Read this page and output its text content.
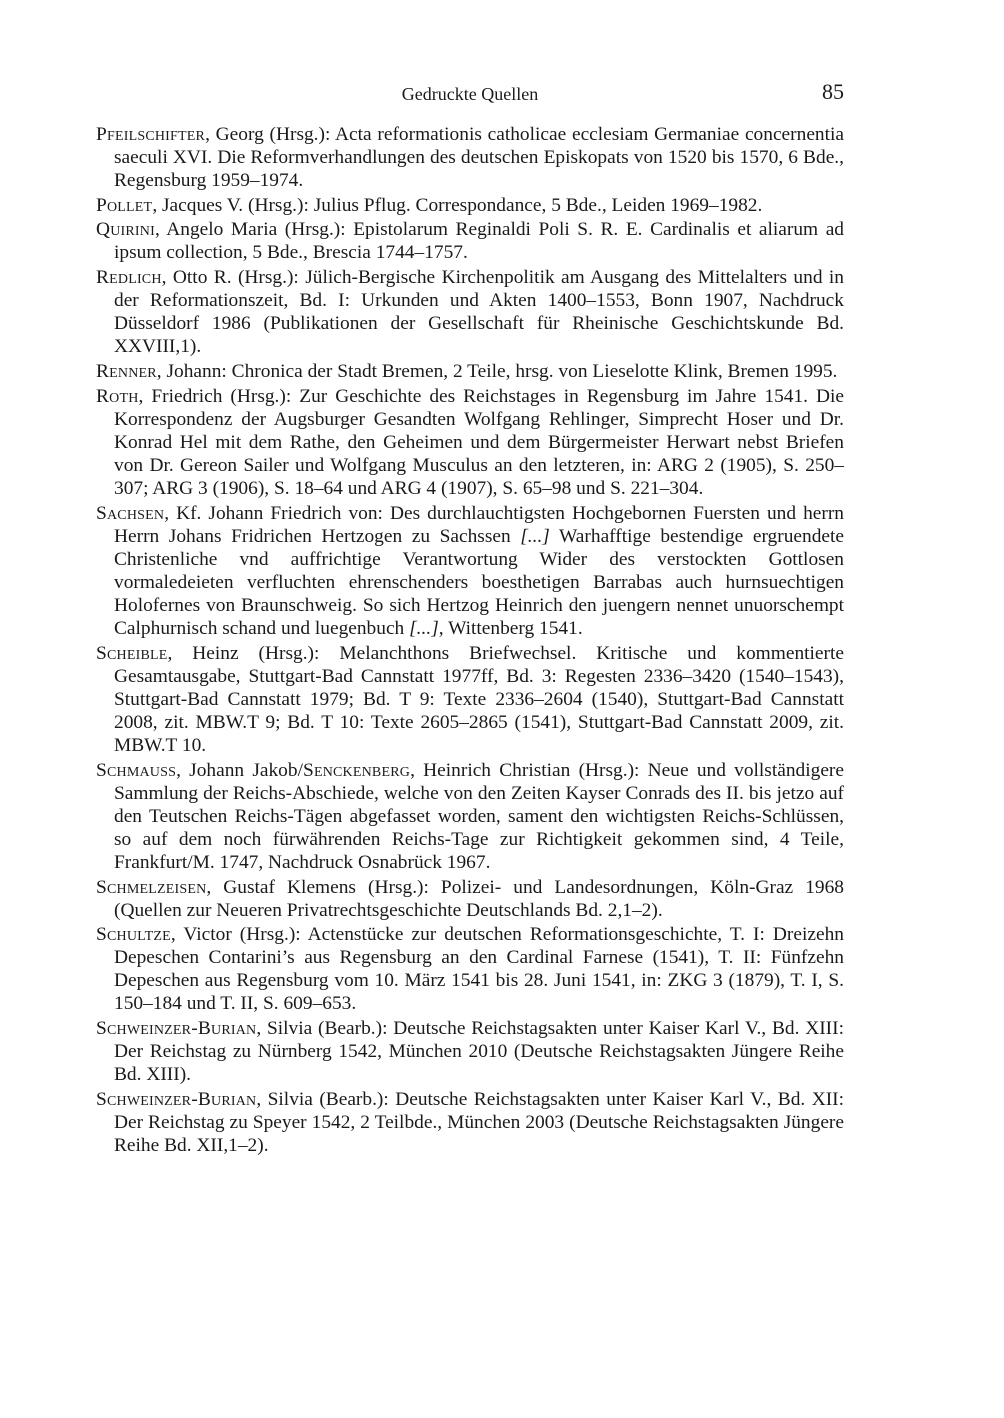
Gedruckte Quellen	85

Pfeilschifter, Georg (Hrsg.): Acta reformationis catholicae ecclesiam Germaniae concernentia saeculi XVI. Die Reformverhandlungen des deutschen Episkopats von 1520 bis 1570, 6 Bde., Regensburg 1959–1974.

Pollet, Jacques V. (Hrsg.): Julius Pflug. Correspondance, 5 Bde., Leiden 1969–1982.

Quirini, Angelo Maria (Hrsg.): Epistolarum Reginaldi Poli S. R. E. Cardinalis et aliarum ad ipsum collection, 5 Bde., Brescia 1744–1757.

Redlich, Otto R. (Hrsg.): Jülich-Bergische Kirchenpolitik am Ausgang des Mittelalters und in der Reformationszeit, Bd. I: Urkunden und Akten 1400–1553, Bonn 1907, Nachdruck Düsseldorf 1986 (Publikationen der Gesellschaft für Rheinische Geschichtskunde Bd. XXVIII,1).

Renner, Johann: Chronica der Stadt Bremen, 2 Teile, hrsg. von Lieselotte Klink, Bremen 1995.

Roth, Friedrich (Hrsg.): Zur Geschichte des Reichstages in Regensburg im Jahre 1541. Die Korrespondenz der Augsburger Gesandten Wolfgang Rehlinger, Simprecht Hoser und Dr. Konrad Hel mit dem Rathe, den Geheimen und dem Bürgermeister Herwart nebst Briefen von Dr. Gereon Sailer und Wolfgang Musculus an den letzteren, in: ARG 2 (1905), S. 250–307; ARG 3 (1906), S. 18–64 und ARG 4 (1907), S. 65–98 und S. 221–304.

Sachsen, Kf. Johann Friedrich von: Des durchlauchtigsten Hochgebornen Fuersten und herrn Herrn Johans Fridrichen Hertzogen zu Sachssen [...] Warhafftige bestendige ergruendete Christenliche vnd auffrichtige Verantwortung Wider des verstockten Gottlosen vormaledeieten verfluchten ehrenschenders boesthetigen Barrabas auch hurnsuechtigen Holofernes von Braunschweig. So sich Hertzog Heinrich den juengern nennet unuorschempt Calphurnisch schand und luegenbuch [...], Wittenberg 1541.

Scheible, Heinz (Hrsg.): Melanchthons Briefwechsel. Kritische und kommentierte Gesamtausgabe, Stuttgart-Bad Cannstatt 1977ff, Bd. 3: Regesten 2336–3420 (1540–1543), Stuttgart-Bad Cannstatt 1979; Bd. T 9: Texte 2336–2604 (1540), Stuttgart-Bad Cannstatt 2008, zit. MBW.T 9; Bd. T 10: Texte 2605–2865 (1541), Stuttgart-Bad Cannstatt 2009, zit. MBW.T 10.

Schmauss, Johann Jakob/Senckenberg, Heinrich Christian (Hrsg.): Neue und vollständigere Sammlung der Reichs-Abschiede, welche von den Zeiten Kayser Conrads des II. bis jetzo auf den Teutschen Reichs-Tägen abgefasset worden, sament den wichtigsten Reichs-Schlüssen, so auf dem noch fürwährenden Reichs-Tage zur Richtigkeit gekommen sind, 4 Teile, Frankfurt/M. 1747, Nachdruck Osnabrück 1967.

Schmelzeisen, Gustaf Klemens (Hrsg.): Polizei- und Landesordnungen, Köln-Graz 1968 (Quellen zur Neueren Privatrechtsgeschichte Deutschlands Bd. 2,1–2).

Schultze, Victor (Hrsg.): Actenstücke zur deutschen Reformationsgeschichte, T. I: Dreizehn Depeschen Contarini’s aus Regensburg an den Cardinal Farnese (1541), T. II: Fünfzehn Depeschen aus Regensburg vom 10. März 1541 bis 28. Juni 1541, in: ZKG 3 (1879), T. I, S. 150–184 und T. II, S. 609–653.

Schweinzer-Burian, Silvia (Bearb.): Deutsche Reichstagsakten unter Kaiser Karl V., Bd. XIII: Der Reichstag zu Nürnberg 1542, München 2010 (Deutsche Reichstagsakten Jüngere Reihe Bd. XIII).

Schweinzer-Burian, Silvia (Bearb.): Deutsche Reichstagsakten unter Kaiser Karl V., Bd. XII: Der Reichstag zu Speyer 1542, 2 Teilbde., München 2003 (Deutsche Reichstagsakten Jüngere Reihe Bd. XII,1–2).
